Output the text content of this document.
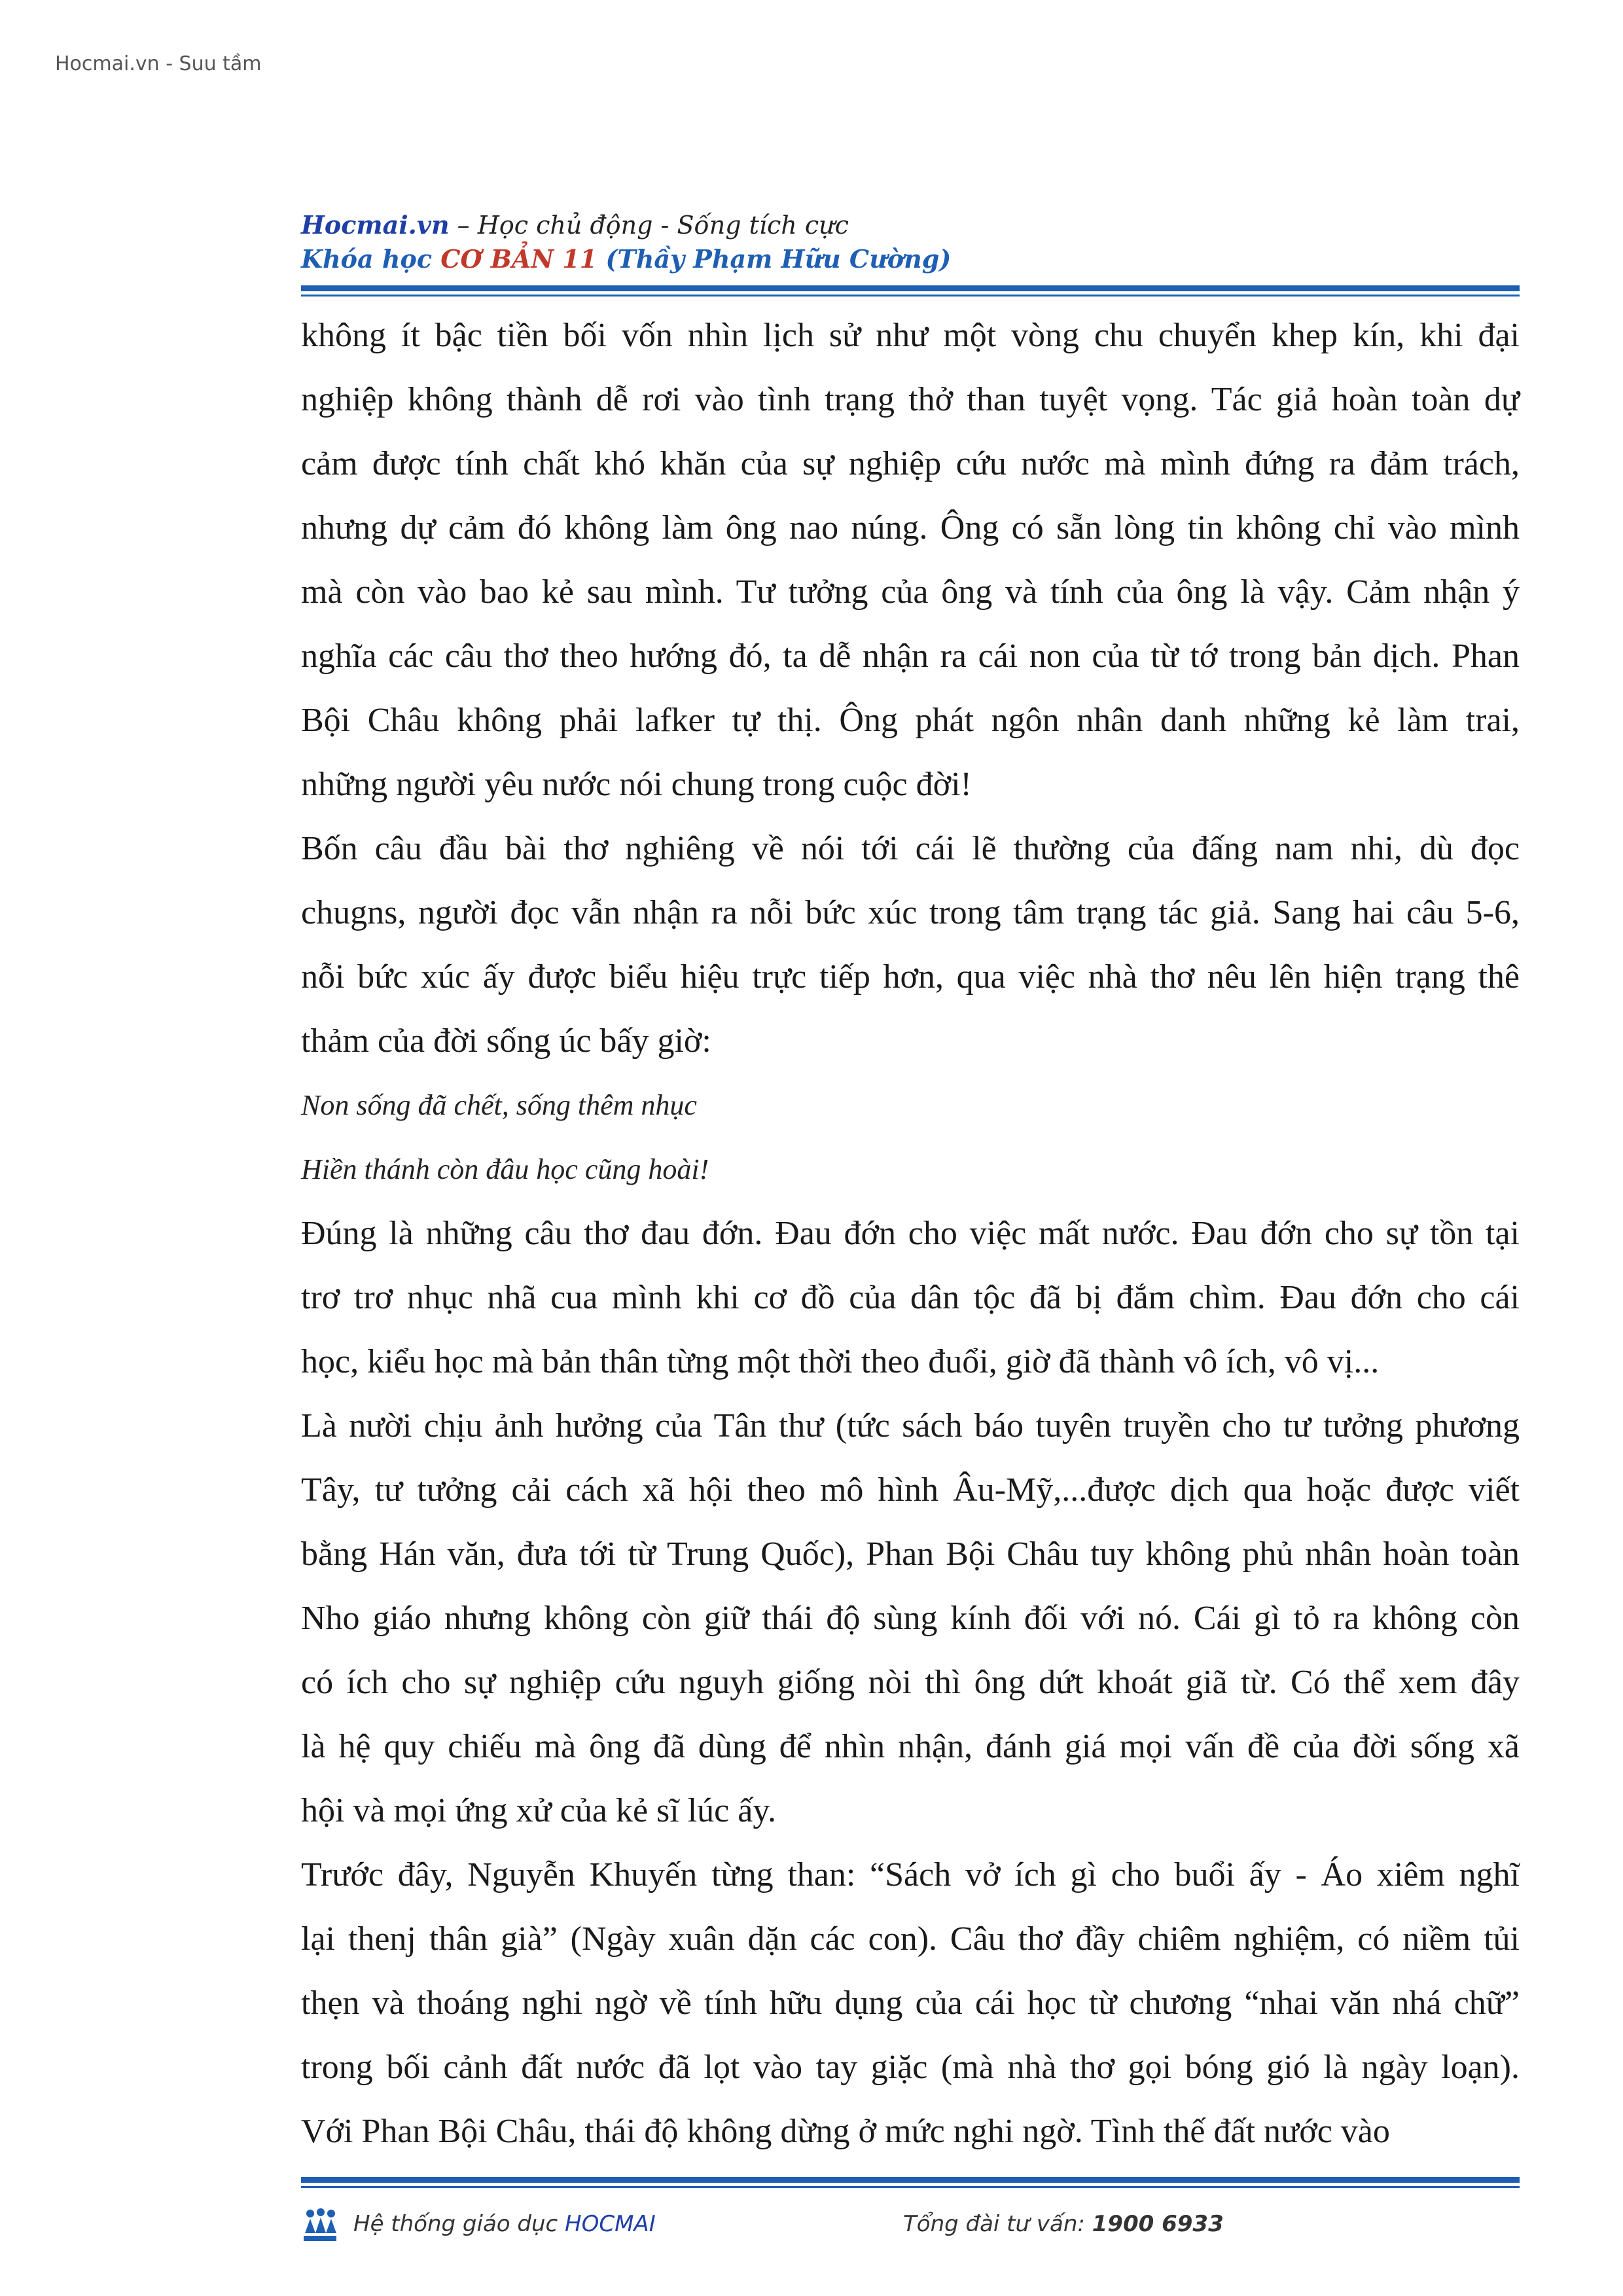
Hocmai.vn - Suu tầm
Hocmai.vn – Học chủ động - Sống tích cực
Khóa học CƠ BẢN 11 (Thầy Phạm Hữu Cường)

không ít bậc tiền bối vốn nhìn lịch sử như một vòng chu chuyển khep kín, khi đại

nghiệp không thành dễ rơi vào tình trạng thở than tuyệt vọng. Tác giả hoàn toàn dự

cảm được tính chất khó khăn của sự nghiệp cứu nước mà mình đứng ra đảm trách,

nhưng dự cảm đó không làm ông nao núng. Ông có sẵn lòng tin không chỉ vào mình

mà còn vào bao kẻ sau mình. Tư tưởng của ông và tính của ông là vậy. Cảm nhận ý

nghĩa các câu thơ theo hướng đó, ta dễ nhận ra cái non của từ tớ trong bản dịch. Phan

Bội Châu không phải lafker tự thị. Ông phát ngôn nhân danh những kẻ làm trai,

những người yêu nước nói chung trong cuộc đời!

Bốn câu đầu bài thơ nghiêng về nói tới cái lẽ thường của đấng nam nhi, dù đọc

chugns, người đọc vẫn nhận ra nỗi bức xúc trong tâm trạng tác giả. Sang hai câu 5-6,

nỗi bức xúc ấy được biểu hiệu trực tiếp hơn, qua việc nhà thơ nêu lên hiện trạng thê

thảm của đời sống úc bấy giờ:

Non sống đã chết, sống thêm nhục

Hiền thánh còn đâu học cũng hoài!

Đúng là những câu thơ đau đớn. Đau đớn cho việc mất nước. Đau đớn cho sự tồn tại

trơ trơ nhục nhã cua mình khi cơ đồ của dân tộc đã bị đắm chìm. Đau đớn cho cái

học, kiểu học mà bản thân từng một thời theo đuổi, giờ đã thành vô ích, vô vị...

Là nười chịu ảnh hưởng của Tân thư (tức sách báo tuyên truyền cho tư tưởng phương

Tây, tư tưởng cải cách xã hội theo mô hình Âu-Mỹ,...được dịch qua hoặc được viết

bằng Hán văn, đưa tới từ Trung Quốc), Phan Bội Châu tuy không phủ nhân hoàn toàn

Nho giáo nhưng không còn giữ thái độ sùng kính đối với nó. Cái gì tỏ ra không còn

có ích cho sự nghiệp cứu nguyh giống nòi thì ông dứt khoát giã từ. Có thể xem đây

là hệ quy chiếu mà ông đã dùng để nhìn nhận, đánh giá mọi vấn đề của đời sống xã

hội và mọi ứng xử của kẻ sĩ lúc ấy.

Trước đây, Nguyễn Khuyến từng than: “Sách vở ích gì cho buổi ấy - Áo xiêm nghĩ

lại thenj thân già” (Ngày xuân dặn các con). Câu thơ đầy chiêm nghiệm, có niềm tủi

thẹn và thoáng nghi ngờ về tính hữu dụng của cái học từ chương “nhai văn nhá chữ”

trong bối cảnh đất nước đã lọt vào tay giặc (mà nhà thơ gọi bóng gió là ngày loạn).

Với Phan Bội Châu, thái độ không dừng ở mức nghi ngờ. Tình thế đất nước vào

Hệ thống giáo dục HOCMAI	Tổng đài tư vấn: 1900 6933
